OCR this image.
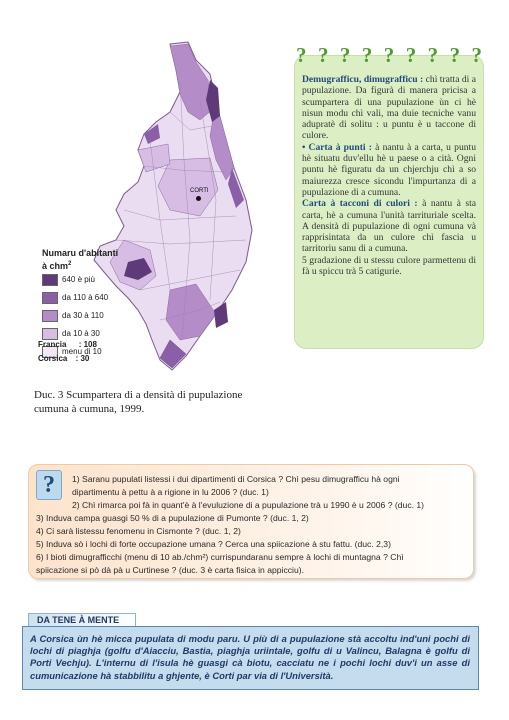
Numaru d'abitanti
à chm$^2$
640 è più
da 110 à 640
da 30 à 110
da 10 à 30
menu di 10
CORTI
Francia : 108
Corsica : 30
Duc. 3 Scumpartera di a densità di pupulazione cumuna à cumuna, 1999.
? ? ? ? ? ? ? ? ?

Demugrafficu, dimugrafficu : chì tratta di a pupulazione. Da figurà di manera pricisa a scumpartera di una pupulazione ùn ci hè nisun modu chì vali, ma duie tecniche vanu adupratè di solitu : u puntu è u taccone di culore.

• Carta à punti : à nantu à a carta, u puntu hè situatu duv'ellu hè u paese o a cità. Ogni puntu hè figuratu da un chjerchju chì a so maiurezza cresce sicondu l'impurtanza di a pupulazione di a cumuna.

Carta à tacconi di culori : à nantu à sta carta, hè a cumuna l'unità tarrituriale scelta. A densità di pupulazione di ogni cumuna và rapprisintata da un culore chì fascia u tarritoriu sanu di a cumuna.

5 gradazione di u stessu culore parmettenu di fà u spiccu trà 5 catigurie.

?	1) Saranu pupulati listessi i dui dipartimenti di Corsica ? Chì pesu dimugrafficu hà ogni
dipartimentu à pettu à a rigione in lu 2006 ? (duc. 1)
2) Chì rimarca poi fà in quant'è à l'evuluzione di a pupulazione trà u 1990 è u 2006 ? (duc. 1)
3) Induva campa guasgi 50 % di a pupulazione di Pumonte ? (duc. 1, 2)
4) Ci sarà listessu fenomenu in Cismonte ? (duc. 1, 2)
5) Induva sò i lochi di forte occupazione umana ? Cerca una spiicazione à stu fattu. (duc. 2,3)
6) I bioti dimugrafficchi (menu di 10 ab./chm²) currispundaranu sempre à lochi di muntagna ? Chì
spiicazione si pò dà pà u Curtinese ? (duc. 3 è carta fisica in appicciu).
DA TENE À MENTE
A Corsica ùn hè micca pupulata di modu paru. U più di a pupulazione stà accoltu ind'uni pochi di lochi di piaghja (golfu d'Aiacciu, Bastia, piaghja uriintale, golfu di u Valincu, Balagna è golfu di Porti Vechju). L'internu di l'isula hè guasgi cà biotu, cacciatu ne i pochi lochi duv'i un asse di cumunicazione hà stabbilitu a ghjente, è Corti par via di l'Università.
